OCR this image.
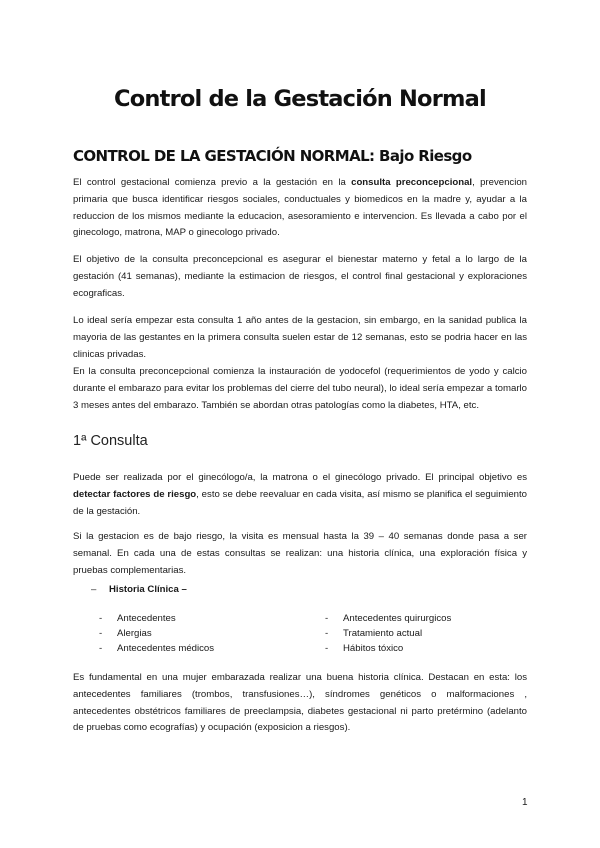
Control de la Gestación Normal
CONTROL DE LA GESTACIÓN NORMAL: Bajo Riesgo

El control gestacional comienza previo a la gestación en la consulta preconcepcional, prevencion primaria que busca identificar riesgos sociales, conductuales y biomedicos en la madre y, ayudar a la reduccion de los mismos mediante la educacion, asesoramiento e intervencion. Es llevada a cabo por el ginecologo, matrona, MAP o ginecologo privado.

El objetivo de la consulta preconcepcional es asegurar el bienestar materno y fetal a lo largo de la gestación (41 semanas), mediante la estimacion de riesgos, el control final gestacional y exploraciones ecograficas.

Lo ideal sería empezar esta consulta 1 año antes de la gestacion, sin embargo, en la sanidad publica la mayoria de las gestantes en la primera consulta suelen estar de 12 semanas, esto se podria hacer en las clinicas privadas.

En la consulta preconcepcional comienza la instauración de yodocefol (requerimientos de yodo y calcio durante el embarazo para evitar los problemas del cierre del tubo neural), lo ideal sería empezar a tomarlo 3 meses antes del embarazo. También se abordan otras patologías como la diabetes, HTA, etc.

1ª Consulta

Puede ser realizada por el ginecólogo/a, la matrona o el ginecólogo privado. El principal objetivo es detectar factores de riesgo, esto se debe reevaluar en cada visita, así mismo se planifica el seguimiento de la gestación.

Si la gestacion es de bajo riesgo, la visita es mensual hasta la 39 – 40 semanas donde pasa a ser semanal. En cada una de estas consultas se realizan: una historia clínica, una exploración física y pruebas complementarias.

– Historia Clínica –
- Antecedentes
- Alergias
- Antecedentes médicos
- Antecedentes quirurgicos
- Tratamiento actual
- Hábitos tóxico

Es fundamental en una mujer embarazada realizar una buena historia clínica. Destacan en esta: los antecedentes familiares (trombos, transfusiones…), síndromes genéticos o malformaciones , antecedentes obstétricos familiares de preeclampsia, diabetes gestacional ni parto pretérmino (adelanto de pruebas como ecografías) y ocupación (exposicion a riesgos).

1
